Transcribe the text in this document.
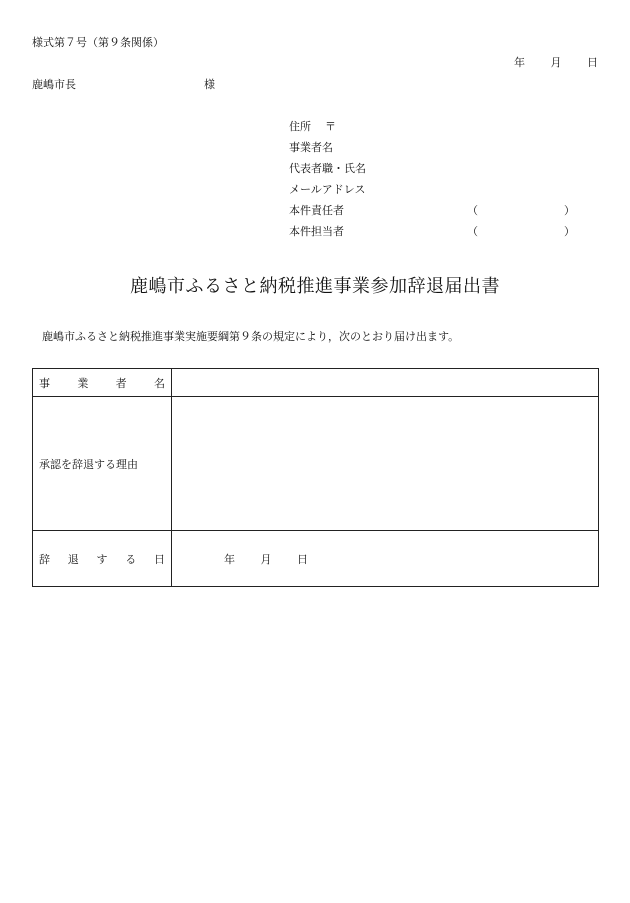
様式第７号（第９条関係）
年 月 日
鹿嶋市長	様
住所 〒
事業者名
代表者職・氏名
メールアドレス
本件責任者	（	）
本件担当者	（	）
鹿嶋市ふるさと納税推進事業参加辞退届出書
鹿嶋市ふるさと納税推進事業実施要綱第９条の規定により，次のとおり届け出ます。
事 業 者 名	

承認を辞退する理由	

辞 退 す る 日	年 月 日
